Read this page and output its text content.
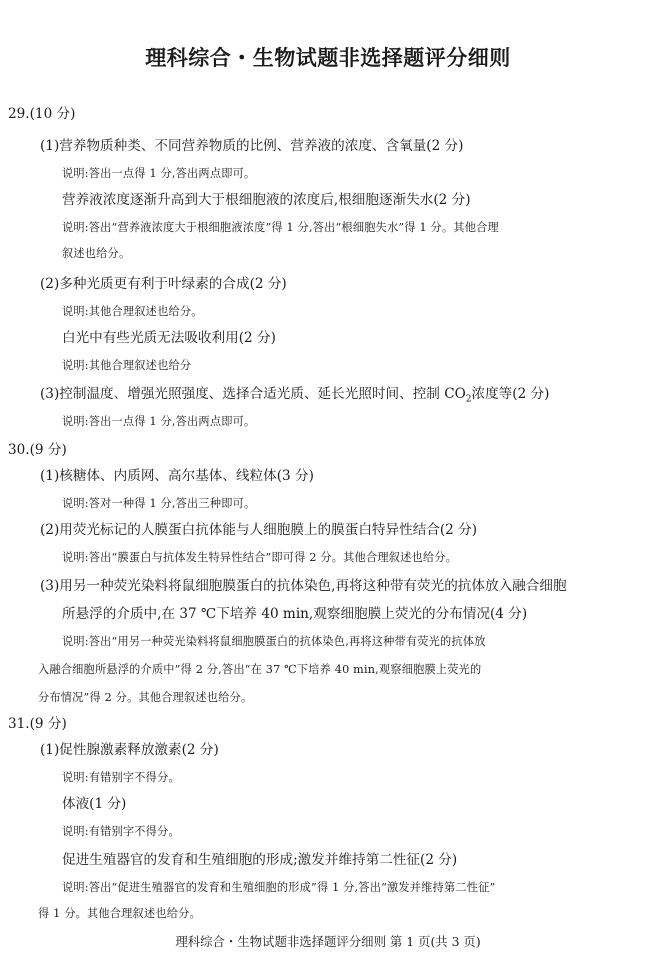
理科综合・生物试题非选择题评分细则
29.(10 分)
(1)营养物质种类、不同营养物质的比例、营养液的浓度、含氧量(2 分)
说明:答出一点得 1 分,答出两点即可。
营养液浓度逐渐升高到大于根细胞液的浓度后,根细胞逐渐失水(2 分)
说明:答出“营养液浓度大于根细胞液浓度”得 1 分,答出“根细胞失水”得 1 分。其他合理
叙述也给分。
(2)多种光质更有利于叶绿素的合成(2 分)
说明:其他合理叙述也给分。
白光中有些光质无法吸收利用(2 分)
说明:其他合理叙述也给分
(3)控制温度、增强光照强度、选择合适光质、延长光照时间、控制 $CO_2$浓度等(2 分)
说明:答出一点得 1 分,答出两点即可。
30.(9 分)
(1)核糖体、内质网、高尔基体、线粒体(3 分)
说明:答对一种得 1 分,答出三种即可。
(2)用荧光标记的人膜蛋白抗体能与人细胞膜上的膜蛋白特异性结合(2 分)
说明:答出“膜蛋白与抗体发生特异性结合”即可得 2 分。其他合理叙述也给分。
(3)用另一种荧光染料将鼠细胞膜蛋白的抗体染色,再将这种带有荧光的抗体放入融合细胞
所悬浮的介质中,在 37 ℃下培养 40 min,观察细胞膜上荧光的分布情况(4 分)
说明:答出“用另一种荧光染料将鼠细胞膜蛋白的抗体染色,再将这种带有荧光的抗体放
入融合细胞所悬浮的介质中”得 2 分,答出“在 37 ℃下培养 40 min,观察细胞膜上荧光的
分布情况”得 2 分。其他合理叙述也给分。
31.(9 分)
(1)促性腺激素释放激素(2 分)
说明:有错别字不得分。
体液(1 分)
说明:有错别字不得分。
促进生殖器官的发育和生殖细胞的形成;激发并维持第二性征(2 分)
说明:答出“促进生殖器官的发育和生殖细胞的形成”得 1 分,答出“激发并维持第二性征”
得 1 分。其他合理叙述也给分。
理科综合・生物试题非选择题评分细则 第 1 页(共 3 页)
